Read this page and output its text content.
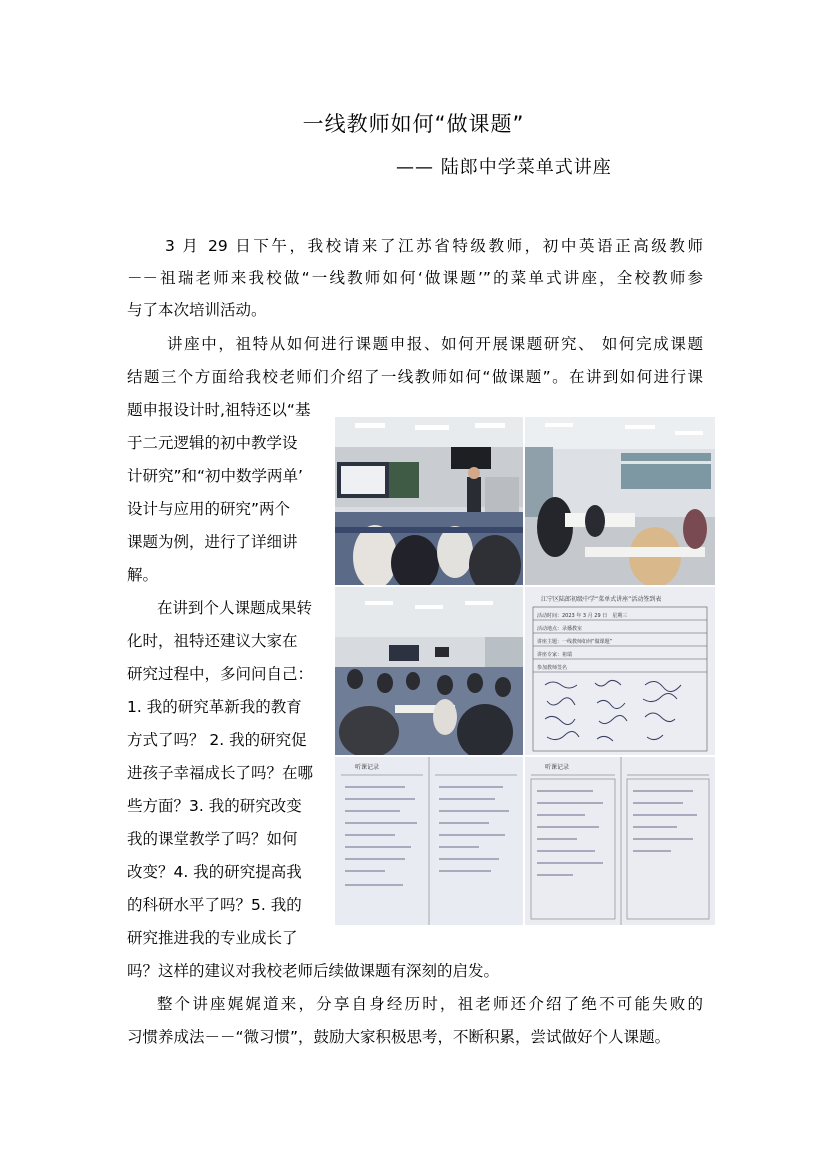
一线教师如何“做课题”
—— 陆郎中学菜单式讲座
3 月 29 日下午，我校请来了江苏省特级教师，初中英语正高级教师
－－祖瑞老师来我校做“一线教师如何‘做课题’”的菜单式讲座，全校教师参
与了本次培训活动。
讲座中，祖特从如何进行课题申报、如何开展课题研究、 如何完成课题
结题三个方面给我校老师们介绍了一线教师如何“做课题”。在讲到如何进行课
题申报设计时,祖特还以“基
于二元逻辑的初中教学设
计研究”和“初中数学两单’
设计与应用的研究”两个
课题为例，进行了详细讲
解。
在讲到个人课题成果转
化时，祖特还建议大家在
研究过程中，多问问自己：
1. 我的研究革新我的教育
方式了吗？ 2. 我的研究促
进孩子幸福成长了吗？在哪
些方面？3. 我的研究改变
我的课堂教学了吗？如何
改变？4. 我的研究提高我
的科研水平了吗？5. 我的
研究推进我的专业成长了
吗？这样的建议对我校老师后续做课题有深刻的启发。
整个讲座娓娓道来，分享自身经历时，祖老师还介绍了绝不可能失败的
习惯养成法－－“微习惯”，鼓励大家积极思考，不断积累，尝试做好个人课题。
江宁区陆郎初级中学“菜单式讲座”活动签到表
活动时间：2023 年 3 月 29 日　星期三
活动地点：录播教室
讲座主题：一线教师如何“做课题”
讲座专家：祖瑞
参加教师签名
听课记录	听课记录
